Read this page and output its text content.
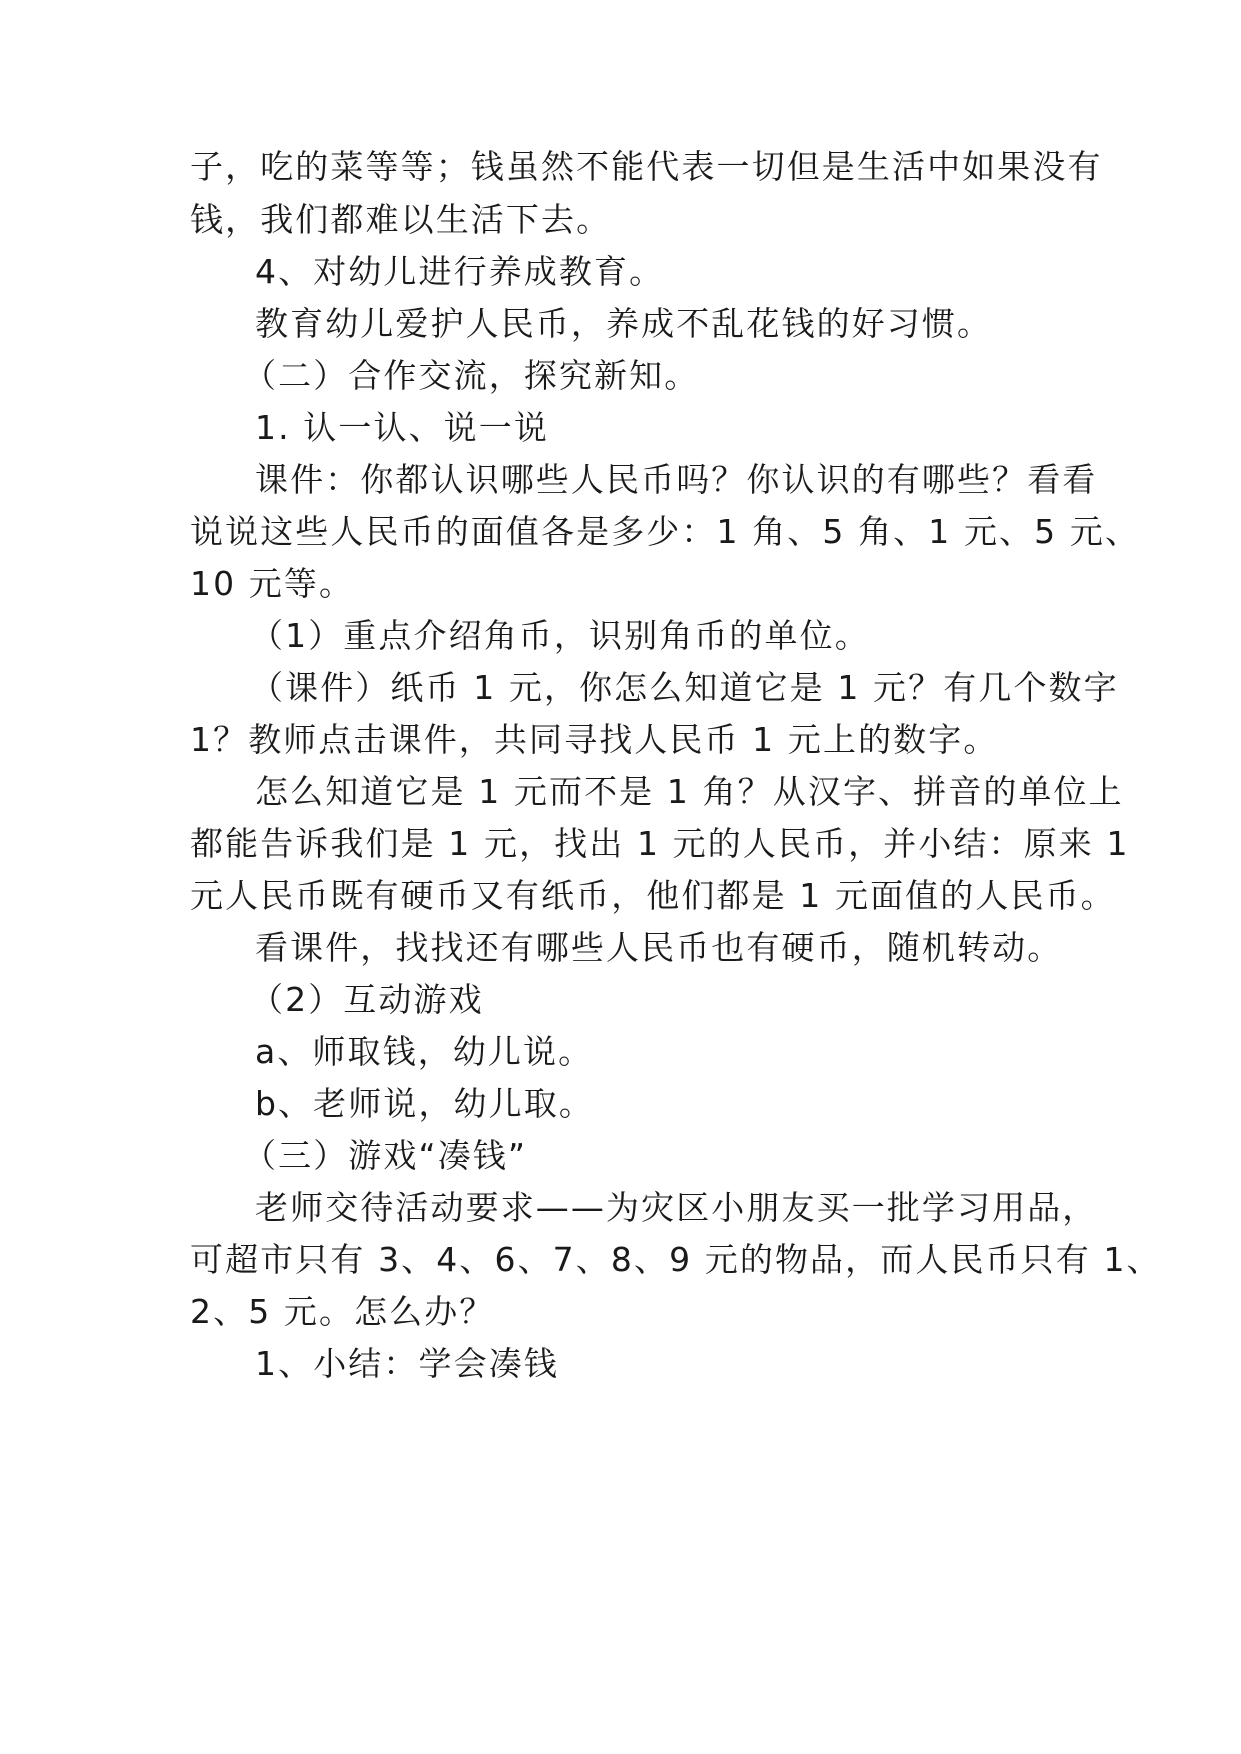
子，吃的菜等等；钱虽然不能代表一切但是生活中如果没有
钱，我们都难以生活下去。
4、对幼儿进行养成教育。
教育幼儿爱护人民币，养成不乱花钱的好习惯。
（二）合作交流，探究新知。
1. 认一认、说一说
课件：你都认识哪些人民币吗？你认识的有哪些？看看
说说这些人民币的面值各是多少：1 角、5 角、1 元、5 元、
10 元等。
（1）重点介绍角币，识别角币的单位。
（课件）纸币 1 元，你怎么知道它是 1 元？有几个数字
1？教师点击课件，共同寻找人民币 1 元上的数字。
怎么知道它是 1 元而不是 1 角？从汉字、拼音的单位上
都能告诉我们是 1 元，找出 1 元的人民币，并小结：原来 1
元人民币既有硬币又有纸币，他们都是 1 元面值的人民币。
看课件，找找还有哪些人民币也有硬币，随机转动。
（2）互动游戏
a、师取钱，幼儿说。
b、老师说，幼儿取。
（三）游戏“凑钱”
老师交待活动要求——为灾区小朋友买一批学习用品，
可超市只有 3、4、6、7、8、9 元的物品，而人民币只有 1、
2、5 元。怎么办？
1、小结：学会凑钱
